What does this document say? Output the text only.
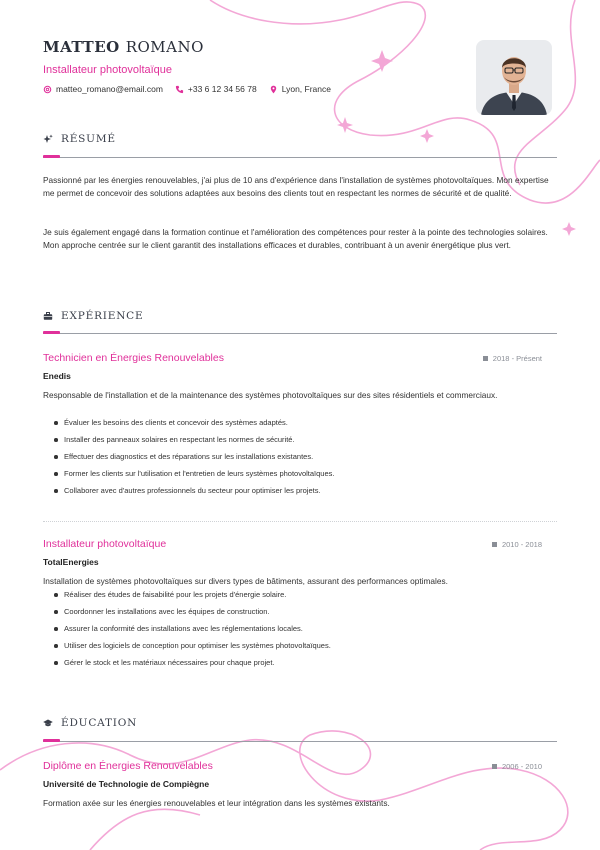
MATTEO ROMANO
Installateur photovoltaïque
matteo_romano@email.com	+33 6 12 34 56 78	Lyon, France
RÉSUMÉ

Passionné par les énergies renouvelables, j'ai plus de 10 ans d'expérience dans l'installation de systèmes photovoltaïques. Mon expertise me permet de concevoir des solutions adaptées aux besoins des clients tout en respectant les normes de sécurité et de qualité.

Je suis également engagé dans la formation continue et l'amélioration des compétences pour rester à la pointe des technologies solaires. Mon approche centrée sur le client garantit des installations efficaces et durables, contribuant à un avenir énergétique plus vert.

EXPÉRIENCE
Technicien en Énergies Renouvelables	2018 - Présent
Enedis
Responsable de l'installation et de la maintenance des systèmes photovoltaïques sur des sites résidentiels et commerciaux.
Évaluer les besoins des clients et concevoir des systèmes adaptés.
Installer des panneaux solaires en respectant les normes de sécurité.
Effectuer des diagnostics et des réparations sur les installations existantes.
Former les clients sur l'utilisation et l'entretien de leurs systèmes photovoltaïques.
Collaborer avec d'autres professionnels du secteur pour optimiser les projets.
Installateur photovoltaïque	2010 - 2018
TotalEnergies
Installation de systèmes photovoltaïques sur divers types de bâtiments, assurant des performances optimales.
Réaliser des études de faisabilité pour les projets d'énergie solaire.
Coordonner les installations avec les équipes de construction.
Assurer la conformité des installations avec les réglementations locales.
Utiliser des logiciels de conception pour optimiser les systèmes photovoltaïques.
Gérer le stock et les matériaux nécessaires pour chaque projet.
ÉDUCATION
Diplôme en Énergies Renouvelables	2006 - 2010
Université de Technologie de Compiègne
Formation axée sur les énergies renouvelables et leur intégration dans les systèmes existants.
